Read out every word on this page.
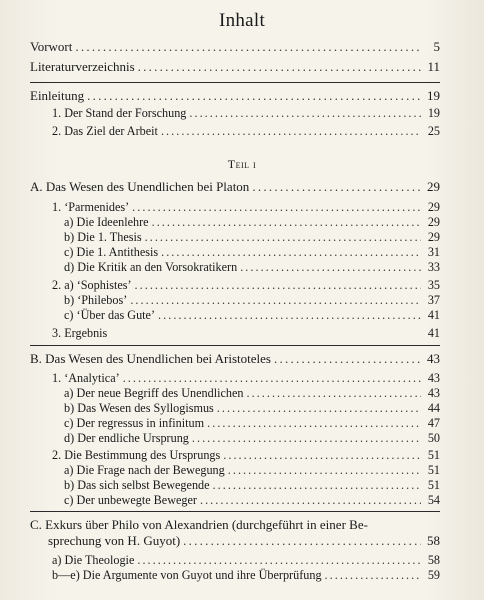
Inhalt
Vorwort . . .	5
Literaturverzeichnis . . .	11
Einleitung . . .	19
1. Der Stand der Forschung . . .	19
2. Das Ziel der Arbeit . . .	25
Teil i
A. Das Wesen des Unendlichen bei Platon . . .	29
1. ‘Parmenides’ . . .	29
a) Die Ideenlehre . . .	29
b) Die 1. Thesis . . .	29
c) Die 1. Antithesis . . .	31
d) Die Kritik an den Vorsokratikern . . .	33
2. a) ‘Sophistes’ . . .	35
b) ‘Philebos’ . . .	37
c) ‘Über das Gute’ . . .	41
3. Ergebnis	41
B. Das Wesen des Unendlichen bei Aristoteles . . .	43
1. ‘Analytica’ . . .	43
a) Der neue Begriff des Unendlichen . . .	43
b) Das Wesen des Syllogismus . . .	44
c) Der regressus in infinitum . . .	47
d) Der endliche Ursprung . . .	50
2. Die Bestimmung des Ursprungs . . .	51
a) Die Frage nach der Bewegung . . .	51
b) Das sich selbst Bewegende . . .	51
c) Der unbewegte Beweger . . .	54
C. Exkurs über Philo von Alexandrien (durchgeführt in einer Be-
sprechung von H. Guyot) . . .	58
a) Die Theologie . . .	58
b—e) Die Argumente von Guyot und ihre Überprüfung . . .	59
